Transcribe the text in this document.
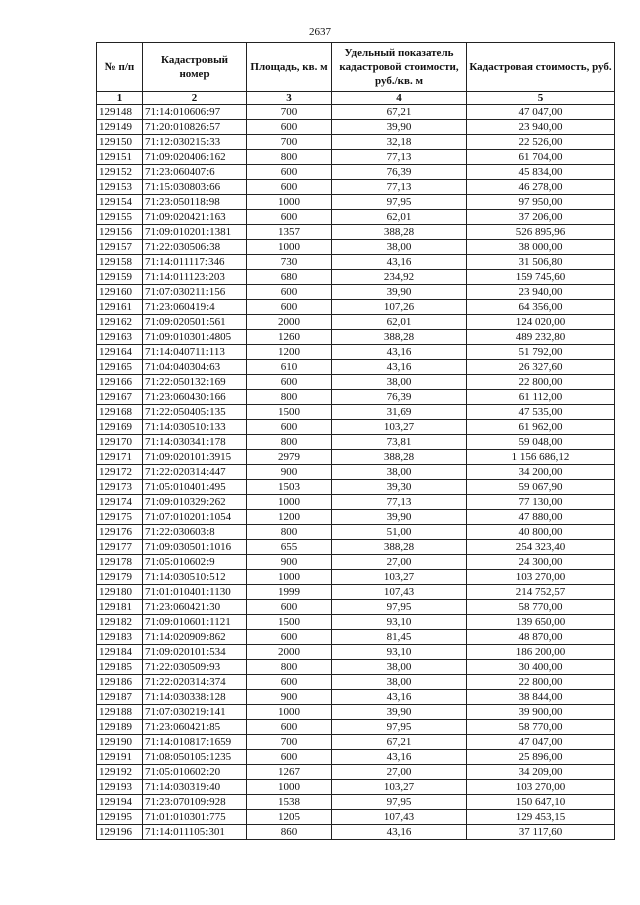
2637
№ п/п	Кадастровый номер	Площадь, кв. м	Удельный показатель кадастровой стоимости, руб./кв. м	Кадастровая стоимость, руб.
1	2	3	4	5
129148	71:14:010606:97	700	67,21	47 047,00
129149	71:20:010826:57	600	39,90	23 940,00
129150	71:12:030215:33	700	32,18	22 526,00
129151	71:09:020406:162	800	77,13	61 704,00
129152	71:23:060407:6	600	76,39	45 834,00
129153	71:15:030803:66	600	77,13	46 278,00
129154	71:23:050118:98	1000	97,95	97 950,00
129155	71:09:020421:163	600	62,01	37 206,00
129156	71:09:010201:1381	1357	388,28	526 895,96
129157	71:22:030506:38	1000	38,00	38 000,00
129158	71:14:011117:346	730	43,16	31 506,80
129159	71:14:011123:203	680	234,92	159 745,60
129160	71:07:030211:156	600	39,90	23 940,00
129161	71:23:060419:4	600	107,26	64 356,00
129162	71:09:020501:561	2000	62,01	124 020,00
129163	71:09:010301:4805	1260	388,28	489 232,80
129164	71:14:040711:113	1200	43,16	51 792,00
129165	71:04:040304:63	610	43,16	26 327,60
129166	71:22:050132:169	600	38,00	22 800,00
129167	71:23:060430:166	800	76,39	61 112,00
129168	71:22:050405:135	1500	31,69	47 535,00
129169	71:14:030510:133	600	103,27	61 962,00
129170	71:14:030341:178	800	73,81	59 048,00
129171	71:09:020101:3915	2979	388,28	1 156 686,12
129172	71:22:020314:447	900	38,00	34 200,00
129173	71:05:010401:495	1503	39,30	59 067,90
129174	71:09:010329:262	1000	77,13	77 130,00
129175	71:07:010201:1054	1200	39,90	47 880,00
129176	71:22:030603:8	800	51,00	40 800,00
129177	71:09:030501:1016	655	388,28	254 323,40
129178	71:05:010602:9	900	27,00	24 300,00
129179	71:14:030510:512	1000	103,27	103 270,00
129180	71:01:010401:1130	1999	107,43	214 752,57
129181	71:23:060421:30	600	97,95	58 770,00
129182	71:09:010601:1121	1500	93,10	139 650,00
129183	71:14:020909:862	600	81,45	48 870,00
129184	71:09:020101:534	2000	93,10	186 200,00
129185	71:22:030509:93	800	38,00	30 400,00
129186	71:22:020314:374	600	38,00	22 800,00
129187	71:14:030338:128	900	43,16	38 844,00
129188	71:07:030219:141	1000	39,90	39 900,00
129189	71:23:060421:85	600	97,95	58 770,00
129190	71:14:010817:1659	700	67,21	47 047,00
129191	71:08:050105:1235	600	43,16	25 896,00
129192	71:05:010602:20	1267	27,00	34 209,00
129193	71:14:030319:40	1000	103,27	103 270,00
129194	71:23:070109:928	1538	97,95	150 647,10
129195	71:01:010301:775	1205	107,43	129 453,15
129196	71:14:011105:301	860	43,16	37 117,60
